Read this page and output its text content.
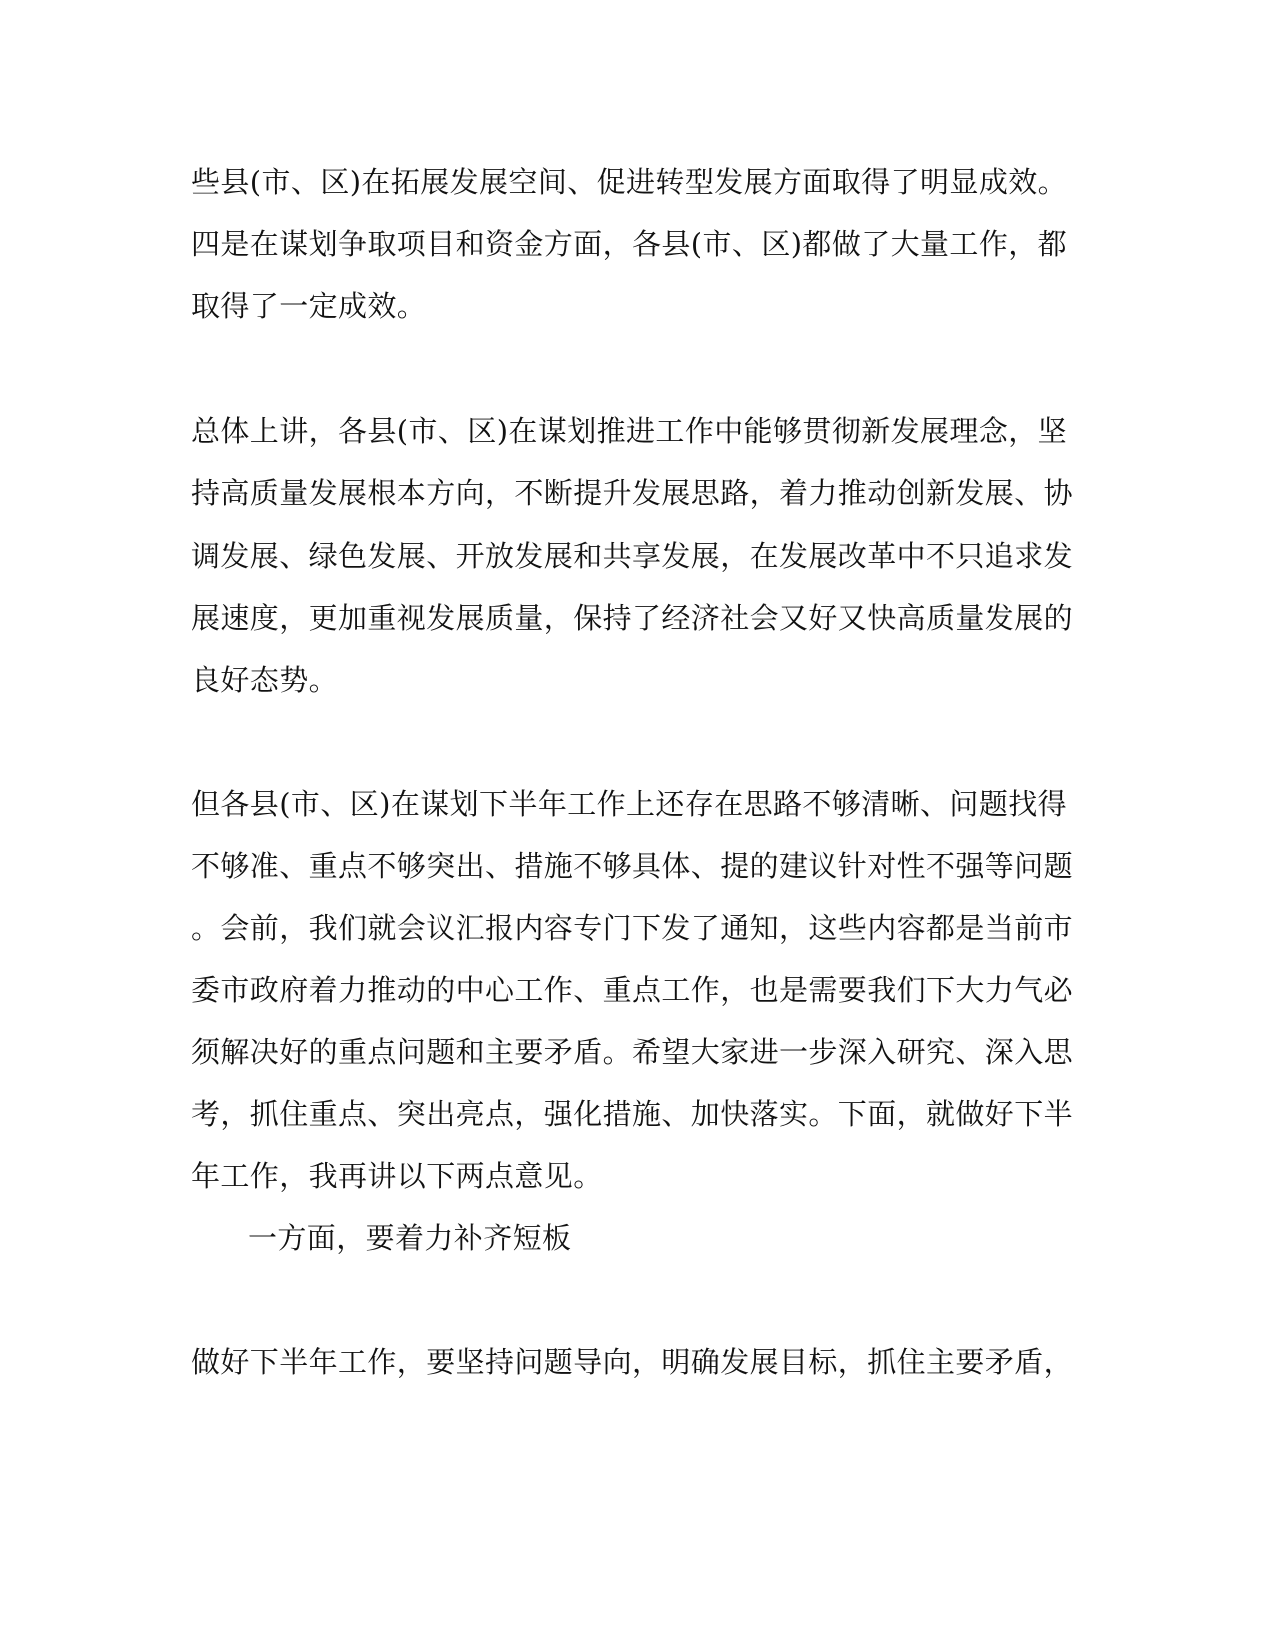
些县(市、区)在拓展发展空间、促进转型发展方面取得了明显成效。
四是在谋划争取项目和资金方面，各县(市、区)都做了大量工作，都
取得了一定成效。
总体上讲，各县(市、区)在谋划推进工作中能够贯彻新发展理念，坚
持高质量发展根本方向，不断提升发展思路，着力推动创新发展、协
调发展、绿色发展、开放发展和共享发展，在发展改革中不只追求发
展速度，更加重视发展质量，保持了经济社会又好又快高质量发展的
良好态势。
但各县(市、区)在谋划下半年工作上还存在思路不够清晰、问题找得
不够准、重点不够突出、措施不够具体、提的建议针对性不强等问题
。会前，我们就会议汇报内容专门下发了通知，这些内容都是当前市
委市政府着力推动的中心工作、重点工作，也是需要我们下大力气必
须解决好的重点问题和主要矛盾。希望大家进一步深入研究、深入思
考，抓住重点、突出亮点，强化措施、加快落实。下面，就做好下半
年工作，我再讲以下两点意见。
一方面，要着力补齐短板
做好下半年工作，要坚持问题导向，明确发展目标，抓住主要矛盾，
